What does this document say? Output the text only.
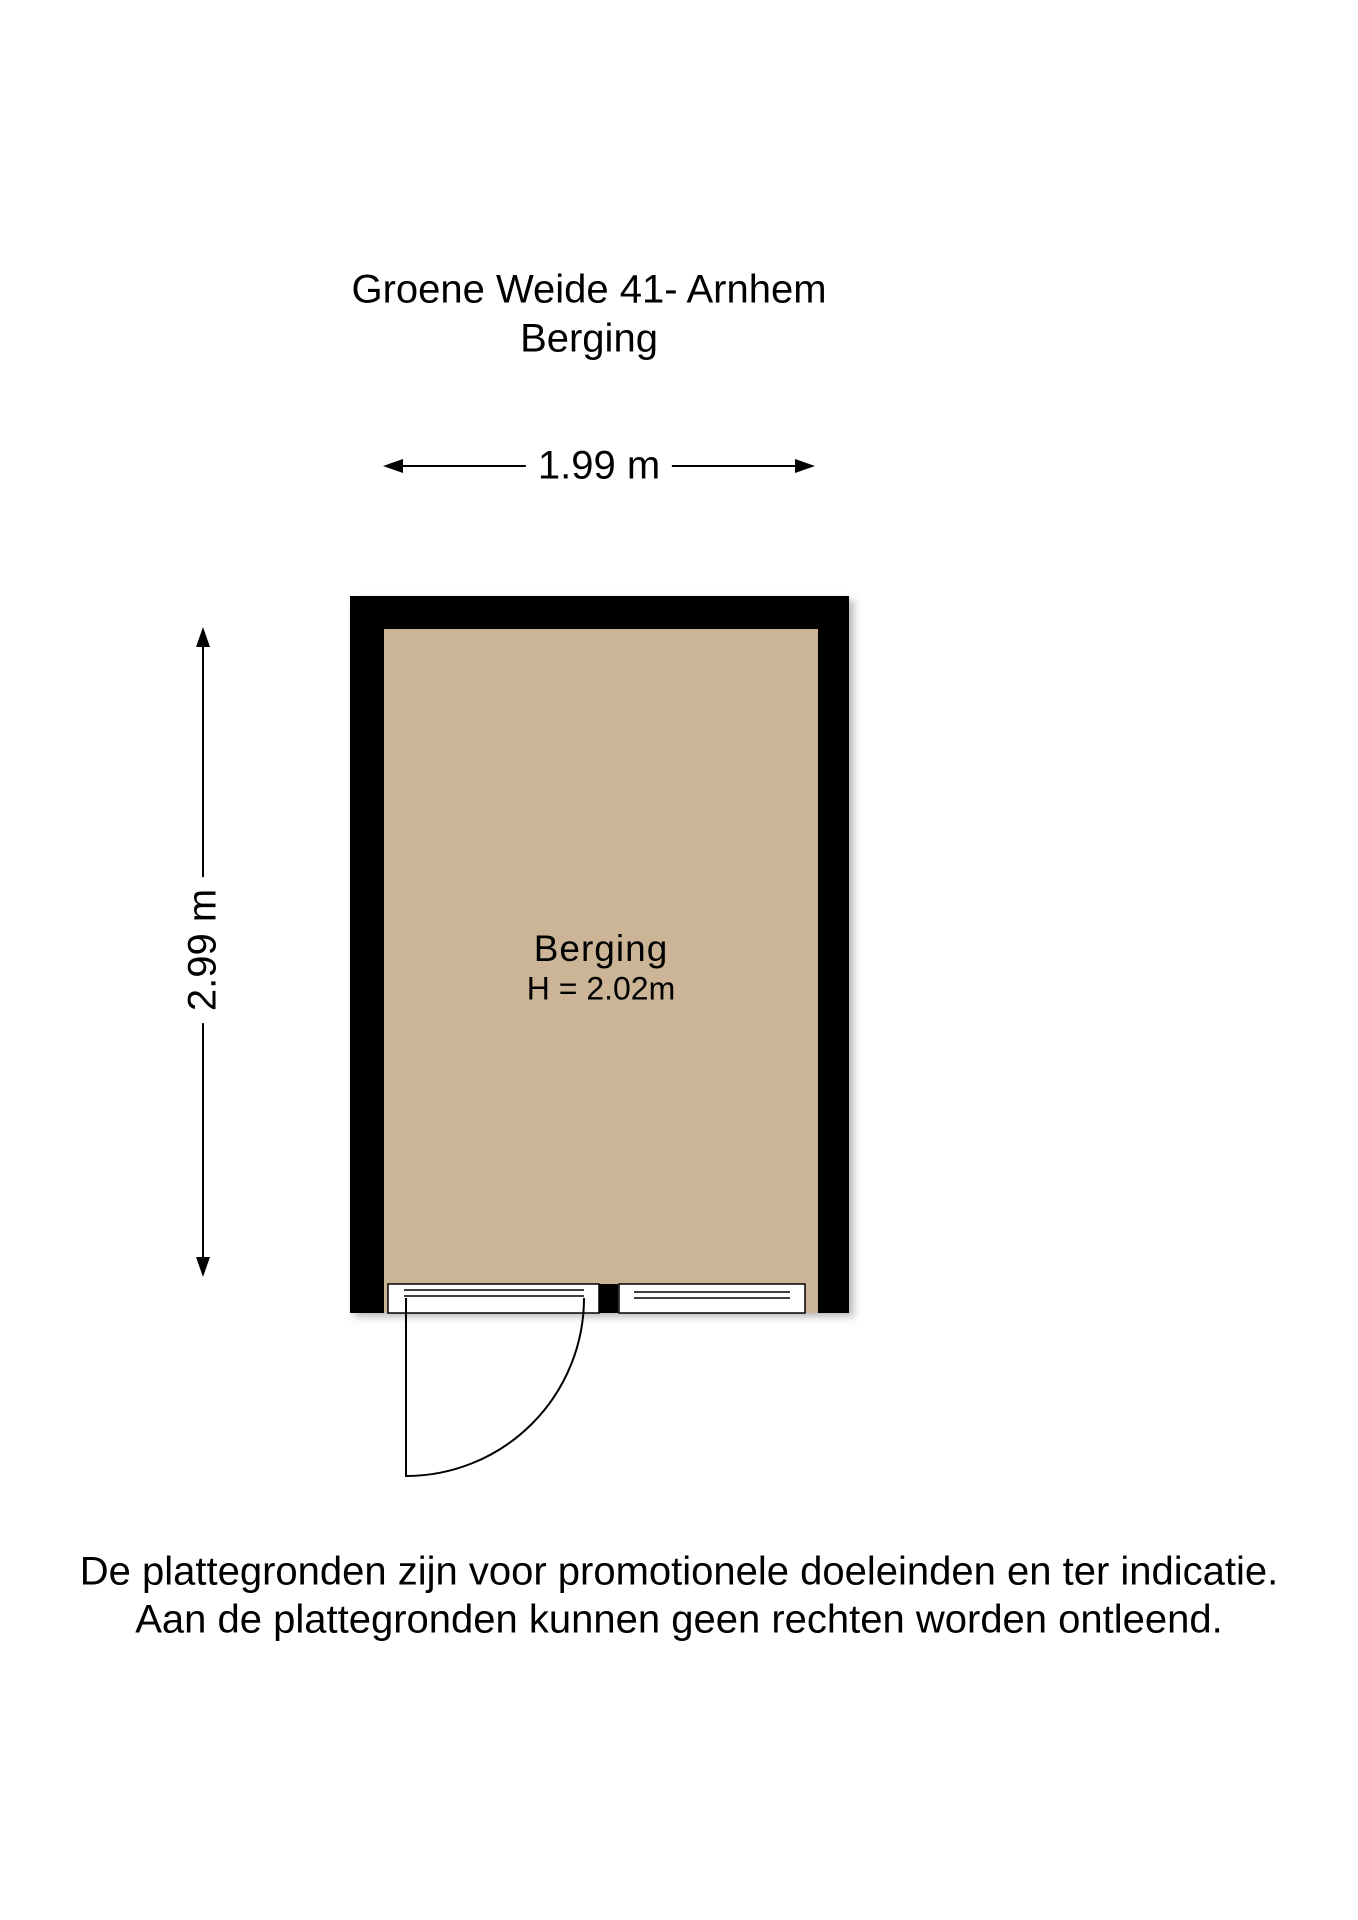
Groene Weide 41- Arnhem
Berging
1.99 m
2.99 m	Berging
H = 2.02m
De plattegronden zijn voor promotionele doeleinden en ter indicatie.
Aan de plattegronden kunnen geen rechten worden ontleend.
